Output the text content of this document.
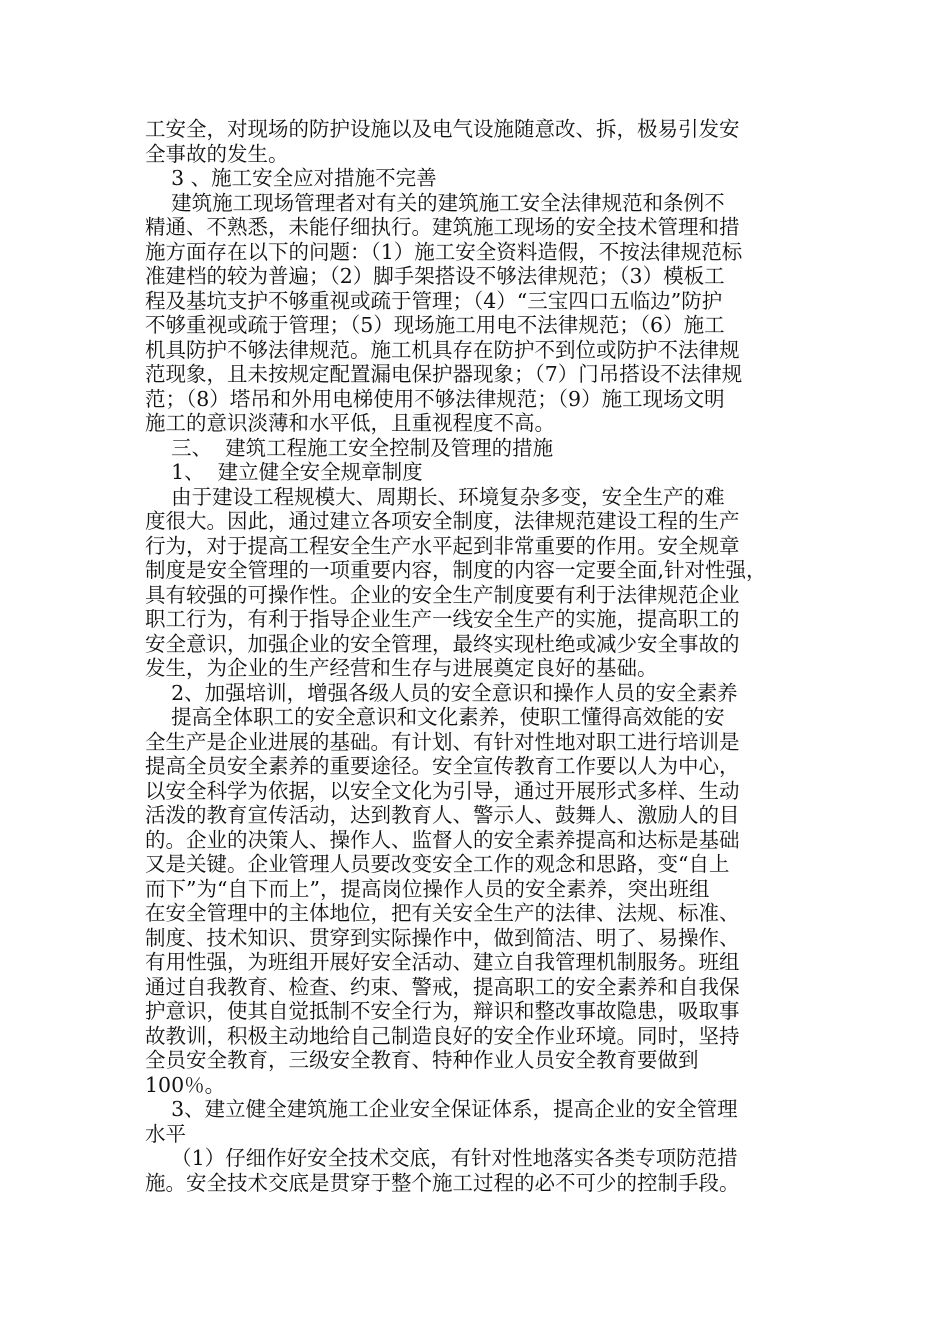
工安全，对现场的防护设施以及电气设施随意改、拆，极易引发安
全事故的发生。
3 、施工安全应对措施不完善
建筑施工现场管理者对有关的建筑施工安全法律规范和条例不
精通、不熟悉，未能仔细执行。建筑施工现场的安全技术管理和措
施方面存在以下的问题：（1）施工安全资料造假，不按法律规范标
准建档的较为普遍；（2）脚手架搭设不够法律规范；（3）模板工
程及基坑支护不够重视或疏于管理；（4）“三宝四口五临边”防护
不够重视或疏于管理；（5）现场施工用电不法律规范；（6）施工
机具防护不够法律规范。施工机具存在防护不到位或防护不法律规
范现象，且未按规定配置漏电保护器现象；（7）门吊搭设不法律规
范；（8）塔吊和外用电梯使用不够法律规范；（9）施工现场文明
施工的意识淡薄和水平低，且重视程度不高。
三、  建筑工程施工安全控制及管理的措施
1、  建立健全安全规章制度
由于建设工程规模大、周期长、环境复杂多变，安全生产的难
度很大。因此，通过建立各项安全制度，法律规范建设工程的生产
行为，对于提高工程安全生产水平起到非常重要的作用。安全规章
制度是安全管理的一项重要内容，制度的内容一定要全面,针对性强，
具有较强的可操作性。企业的安全生产制度要有利于法律规范企业
职工行为，有利于指导企业生产一线安全生产的实施，提高职工的
安全意识，加强企业的安全管理，最终实现杜绝或减少安全事故的
发生，为企业的生产经营和生存与进展奠定良好的基础。
2、加强培训，增强各级人员的安全意识和操作人员的安全素养
提高全体职工的安全意识和文化素养，使职工懂得高效能的安
全生产是企业进展的基础。有计划、有针对性地对职工进行培训是
提高全员安全素养的重要途径。安全宣传教育工作要以人为中心，
以安全科学为依据，以安全文化为引导，通过开展形式多样、生动
活泼的教育宣传活动，达到教育人、警示人、鼓舞人、激励人的目
的。企业的决策人、操作人、监督人的安全素养提高和达标是基础
又是关键。企业管理人员要改变安全工作的观念和思路，变“自上
而下”为“自下而上”，提高岗位操作人员的安全素养，突出班组
在安全管理中的主体地位，把有关安全生产的法律、法规、标准、
制度、技术知识、贯穿到实际操作中，做到简洁、明了、易操作、
有用性强，为班组开展好安全活动、建立自我管理机制服务。班组
通过自我教育、检查、约束、警戒，提高职工的安全素养和自我保
护意识，使其自觉抵制不安全行为，辩识和整改事故隐患，吸取事
故教训，积极主动地给自己制造良好的安全作业环境。同时，坚持
全员安全教育，三级安全教育、特种作业人员安全教育要做到
100％。
3、建立健全建筑施工企业安全保证体系，提高企业的安全管理
水平
（1）仔细作好安全技术交底，有针对性地落实各类专项防范措
施。安全技术交底是贯穿于整个施工过程的必不可少的控制手段。
